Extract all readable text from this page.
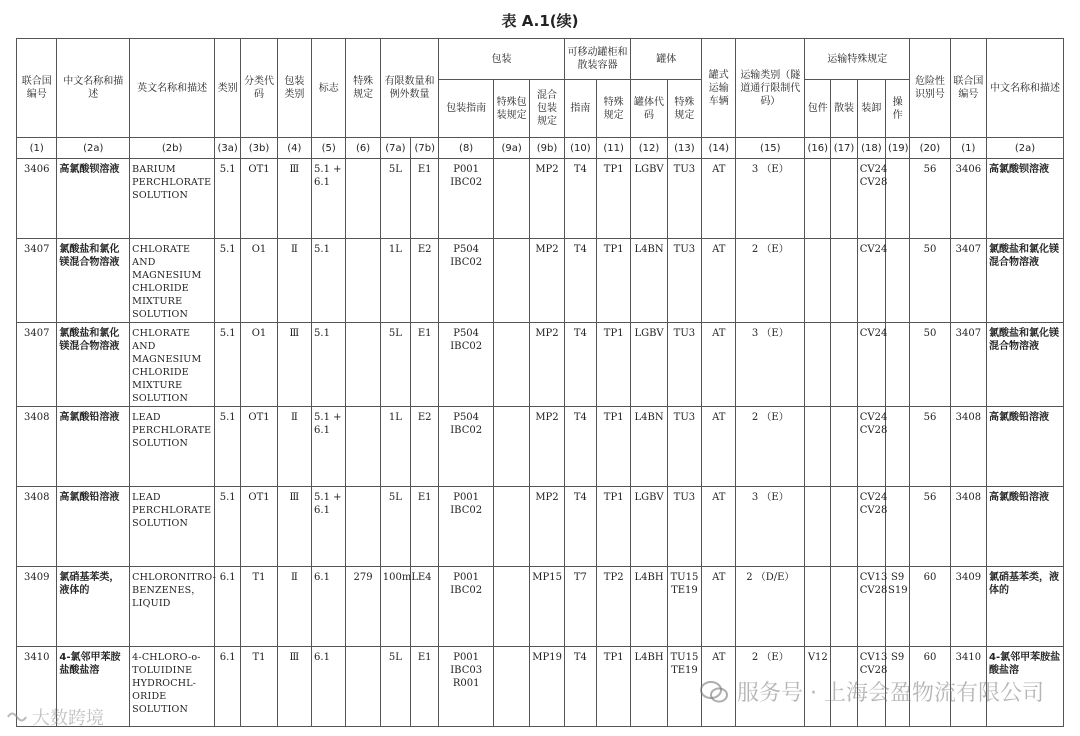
表 A.1(续)
联合国编号	中文名称和描述	英文名称和描述	类别	分类代码	包装类别	标志	特殊规定	有限数量和例外数量		包装			可移动罐柜和散装容器		罐体		罐式运输车辆	运输类别（隧道通行限制代码）	运输特殊规定				危险性识别号	联合国编号	中文名称和描述
										包装指南	特殊包装规定	混合包装规定	指南	特殊规定	罐体代码	特殊规定			包件	散装	装卸	操作			
(1)	(2a)	(2b)	(3a)	(3b)	(4)	(5)	(6)	(7a)	(7b)	(8)	(9a)	(9b)	(10)	(11)	(12)	(13)	(14)	(15)	(16)	(17)	(18)	(19)	(20)	(1)	(2a)
3406	高氯酸钡溶液	BARIUM PERCHLORATE SOLUTION	5.1	OT1	Ⅲ	5.1 + 6.1		5L	E1	P001 IBC02		MP2	T4	TP1	LGBV	TU3	AT	3 （E）			CV24 CV28		56	3406	高氯酸钡溶液
3407	氯酸盐和氯化镁混合物溶液	CHLORATE AND MAGNESIUM CHLORIDE MIXTURE SOLUTION	5.1	O1	Ⅱ	5.1		1L	E2	P504 IBC02		MP2	T4	TP1	L4BN	TU3	AT	2 （E）			CV24		50	3407	氯酸盐和氯化镁混合物溶液
3407	氯酸盐和氯化镁混合物溶液	CHLORATE AND MAGNESIUM CHLORIDE MIXTURE SOLUTION	5.1	O1	Ⅲ	5.1		5L	E1	P504 IBC02		MP2	T4	TP1	LGBV	TU3	AT	3 （E）			CV24		50	3407	氯酸盐和氯化镁混合物溶液
3408	高氯酸铅溶液	LEAD PERCHLORATE SOLUTION	5.1	OT1	Ⅱ	5.1 + 6.1		1L	E2	P504 IBC02		MP2	T4	TP1	L4BN	TU3	AT	2 （E）			CV24 CV28		56	3408	高氯酸铅溶液
3408	高氯酸铅溶液	LEAD PERCHLORATE SOLUTION	5.1	OT1	Ⅲ	5.1 + 6.1		5L	E1	P001 IBC02		MP2	T4	TP1	LGBV	TU3	AT	3 （E）			CV24 CV28		56	3408	高氯酸铅溶液
3409	氯硝基苯类，液体的	CHLORONITRO-BENZENES， LIQUID	6.1	T1	Ⅱ	6.1	279	100mL	E4	P001 IBC02		MP15	T7	TP2	L4BH	TU15 TE19	AT	2 （D/E）			CV13 CV28	S9 S19	60	3409	氯硝基苯类，液体的
3410	4-氯邻甲苯胺盐酸盐溶	4-CHLORO-o-TOLUIDINE HYDROCHL-ORIDE SOLUTION	6.1	T1	Ⅲ	6.1		5L	E1	P001 IBC03 R001		MP19	T4	TP1	L4BH	TU15 TE19	AT	2 （E）	V12		CV13 CV28	S9	60	3410	4-氯邻甲苯胺盐酸盐溶
服务号 · 上海会盈物流有限公司
大数跨境
